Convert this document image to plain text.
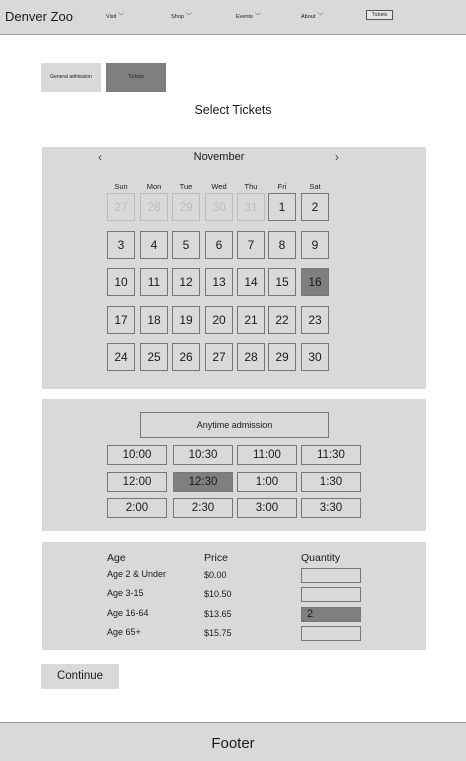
Denver Zoo	Visit ﹀	Shop ﹀	Events ﹀	About ﹀	Tickets
General admission	Tickets
Select Tickets
‹	November	›
Sun	Mon	Tue	Wed	Thu	Fri	Sat
27	28	29	30	31	1	2
3	4	5	6	7	8	9
10	11	12	13	14	15	16
17	18	19	20	21	22	23
24	25	26	27	28	29	30
Anytime admission
10:00	10:30	11:00	11:30
12:00	12:30	1:00	1:30
2:00	2:30	3:00	3:30
Age	Price	Quantity
Age 2 & Under	$0.00
Age 3-15	$10.50
Age 16-64	$13.65	2
Age 65+	$15.75
Continue
Footer
